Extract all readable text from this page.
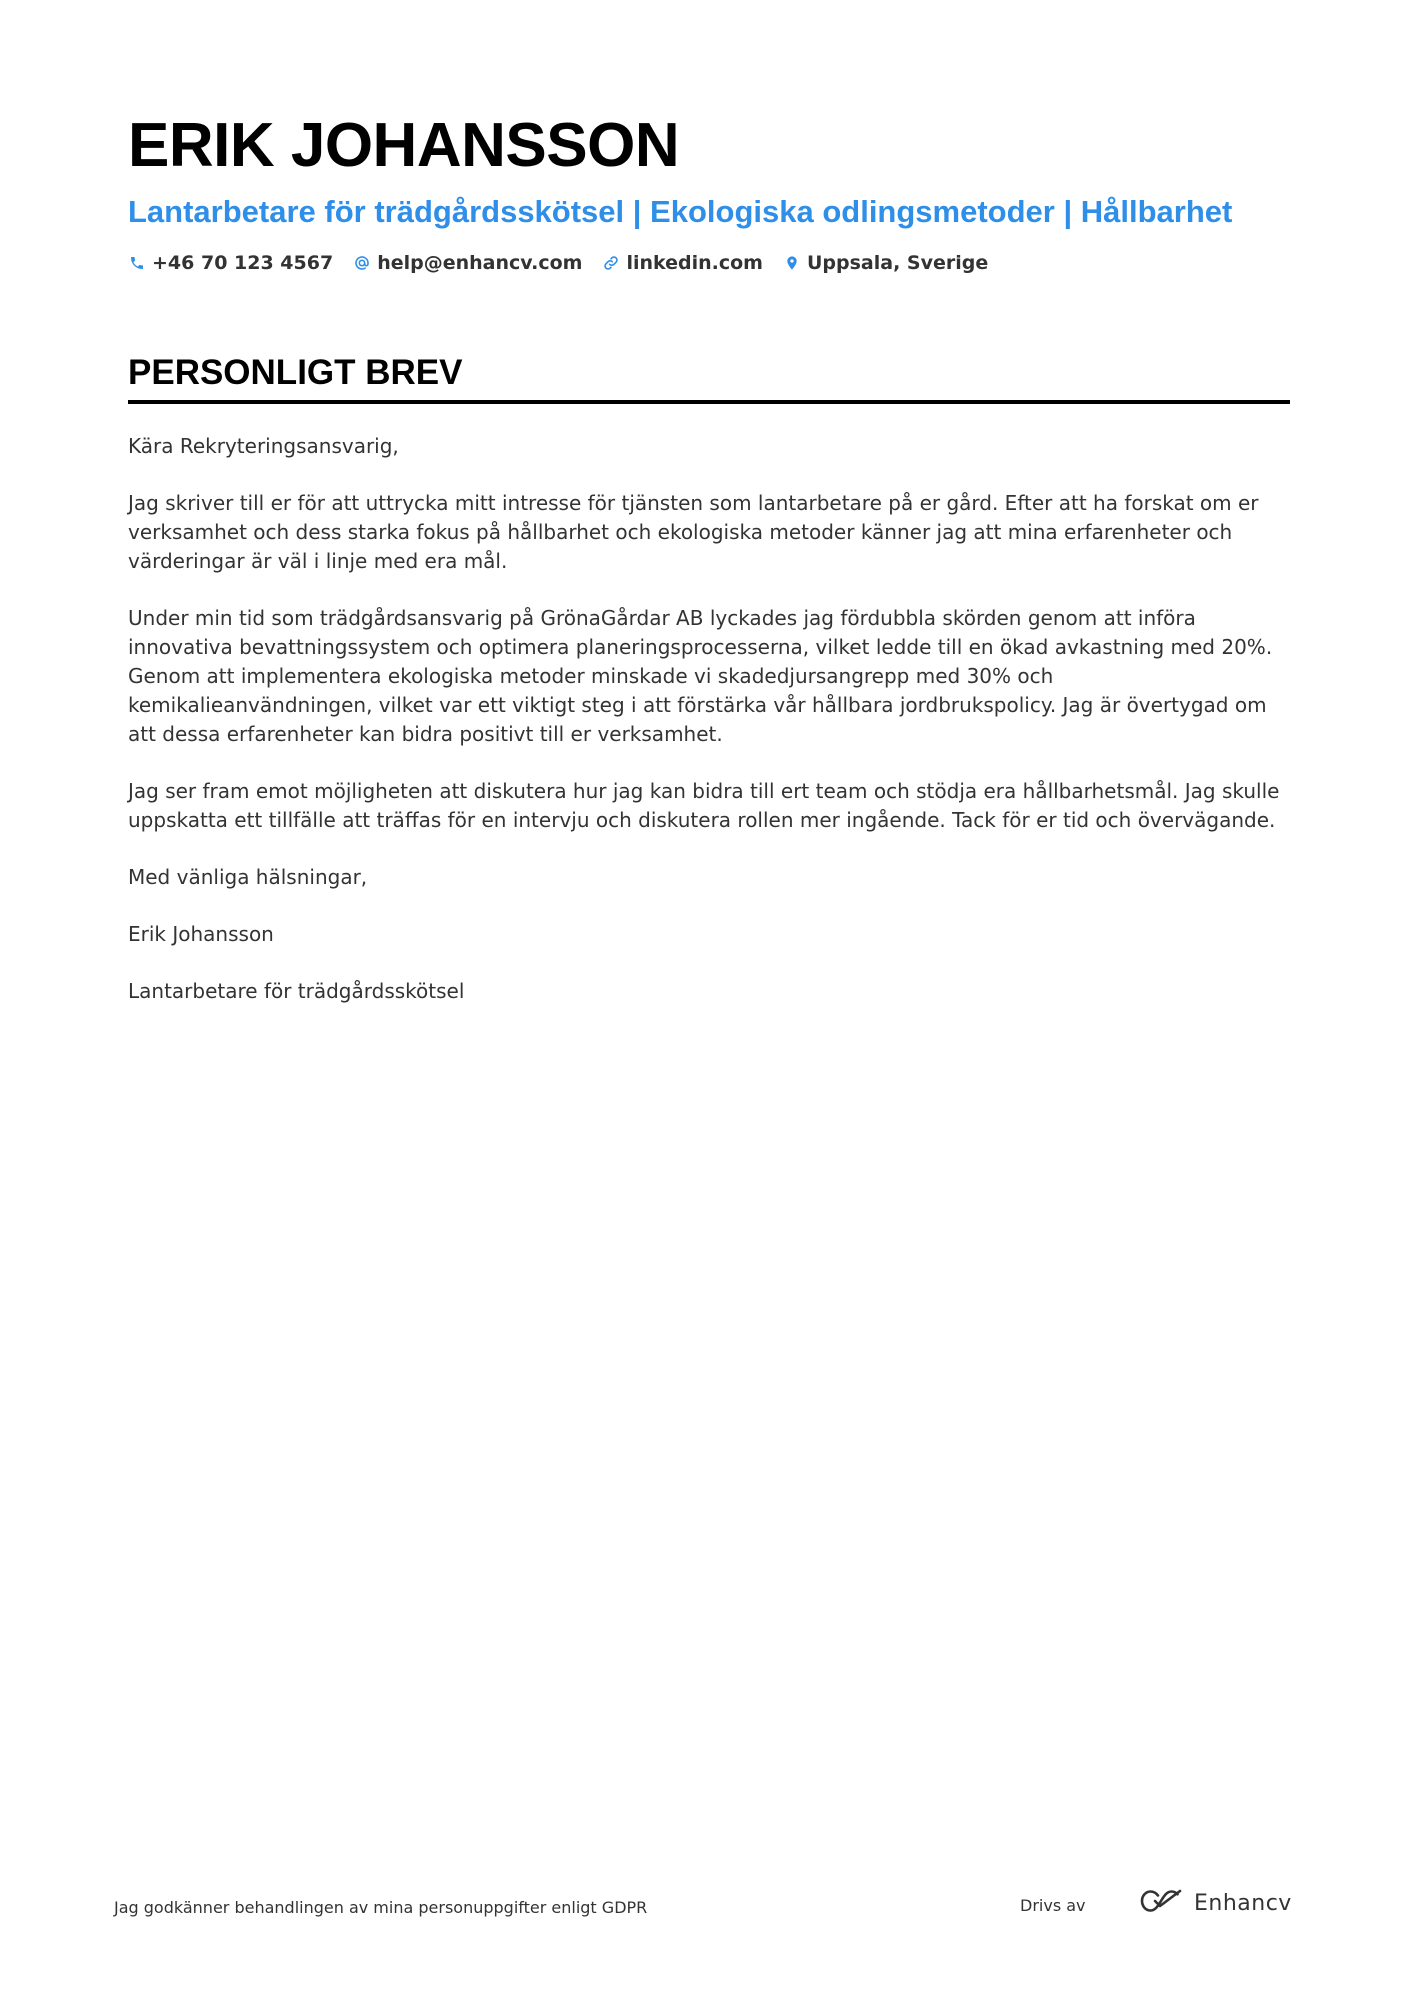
ERIK JOHANSSON
Lantarbetare för trädgårdsskötsel | Ekologiska odlingsmetoder | Hållbarhet
+46 70 123 4567 help@enhancv.com linkedin.com Uppsala, Sverige
PERSONLIGT BREV

Kära Rekryteringsansvarig,

Jag skriver till er för att uttrycka mitt intresse för tjänsten som lantarbetare på er gård. Efter att ha forskat om er verksamhet och dess starka fokus på hållbarhet och ekologiska metoder känner jag att mina erfarenheter och värderingar är väl i linje med era mål.

Under min tid som trädgårdsansvarig på GrönaGårdar AB lyckades jag fördubbla skörden genom att införa innovativa bevattningssystem och optimera planeringsprocesserna, vilket ledde till en ökad avkastning med 20%. Genom att implementera ekologiska metoder minskade vi skadedjursangrepp med 30% och kemikalieanvändningen, vilket var ett viktigt steg i att förstärka vår hållbara jordbrukspolicy. Jag är övertygad om att dessa erfarenheter kan bidra positivt till er verksamhet.

Jag ser fram emot möjligheten att diskutera hur jag kan bidra till ert team och stödja era hållbarhetsmål. Jag skulle uppskatta ett tillfälle att träffas för en intervju och diskutera rollen mer ingående. Tack för er tid och övervägande.

Med vänliga hälsningar,

Erik Johansson

Lantarbetare för trädgårdsskötsel

Jag godkänner behandlingen av mina personuppgifter enligt GDPR	Drivs av	Enhancv
